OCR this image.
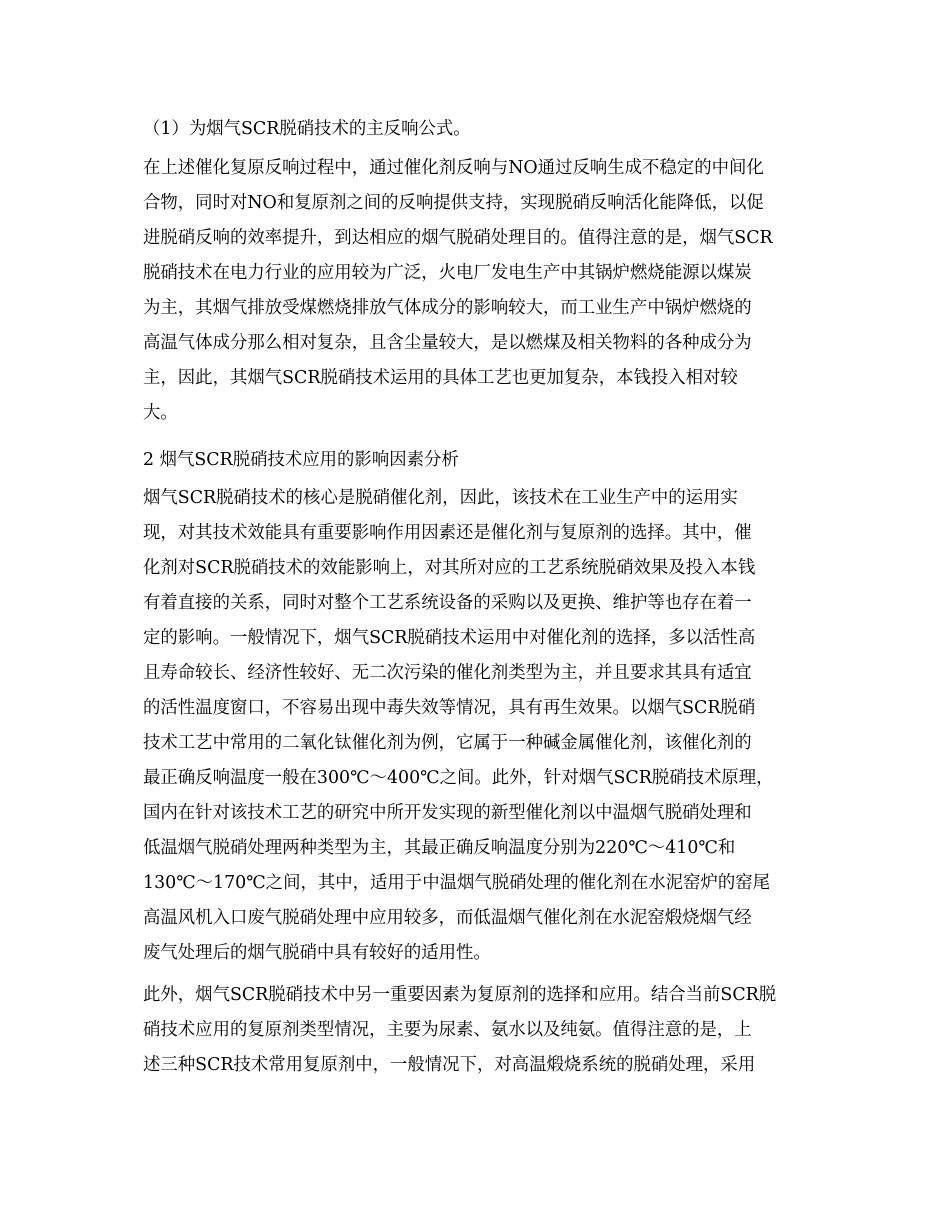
（1）为烟气SCR脱硝技术的主反响公式。
在上述催化复原反响过程中，通过催化剂反响与NO通过反响生成不稳定的中间化
合物，同时对NO和复原剂之间的反响提供支持，实现脱硝反响活化能降低，以促
进脱硝反响的效率提升，到达相应的烟气脱硝处理目的。值得注意的是，烟气SCR
脱硝技术在电力行业的应用较为广泛，火电厂发电生产中其锅炉燃烧能源以煤炭
为主，其烟气排放受煤燃烧排放气体成分的影响较大，而工业生产中锅炉燃烧的
高温气体成分那么相对复杂，且含尘量较大，是以燃煤及相关物料的各种成分为
主，因此，其烟气SCR脱硝技术运用的具体工艺也更加复杂，本钱投入相对较
大。
2 烟气SCR脱硝技术应用的影响因素分析
烟气SCR脱硝技术的核心是脱硝催化剂，因此，该技术在工业生产中的运用实
现，对其技术效能具有重要影响作用因素还是催化剂与复原剂的选择。其中，催
化剂对SCR脱硝技术的效能影响上，对其所对应的工艺系统脱硝效果及投入本钱
有着直接的关系，同时对整个工艺系统设备的采购以及更换、维护等也存在着一
定的影响。一般情况下，烟气SCR脱硝技术运用中对催化剂的选择，多以活性高
且寿命较长、经济性较好、无二次污染的催化剂类型为主，并且要求其具有适宜
的活性温度窗口，不容易出现中毒失效等情况，具有再生效果。以烟气SCR脱硝
技术工艺中常用的二氧化钛催化剂为例，它属于一种碱金属催化剂，该催化剂的
最正确反响温度一般在300℃～400℃之间。此外，针对烟气SCR脱硝技术原理，
国内在针对该技术工艺的研究中所开发实现的新型催化剂以中温烟气脱硝处理和
低温烟气脱硝处理两种类型为主，其最正确反响温度分别为220℃～410℃和
130℃～170℃之间，其中，适用于中温烟气脱硝处理的催化剂在水泥窑炉的窑尾
高温风机入口废气脱硝处理中应用较多，而低温烟气催化剂在水泥窑煅烧烟气经
废气处理后的烟气脱硝中具有较好的适用性。
此外，烟气SCR脱硝技术中另一重要因素为复原剂的选择和应用。结合当前SCR脱
硝技术应用的复原剂类型情况，主要为尿素、氨水以及纯氨。值得注意的是，上
述三种SCR技术常用复原剂中，一般情况下，对高温煅烧系统的脱硝处理，采用
